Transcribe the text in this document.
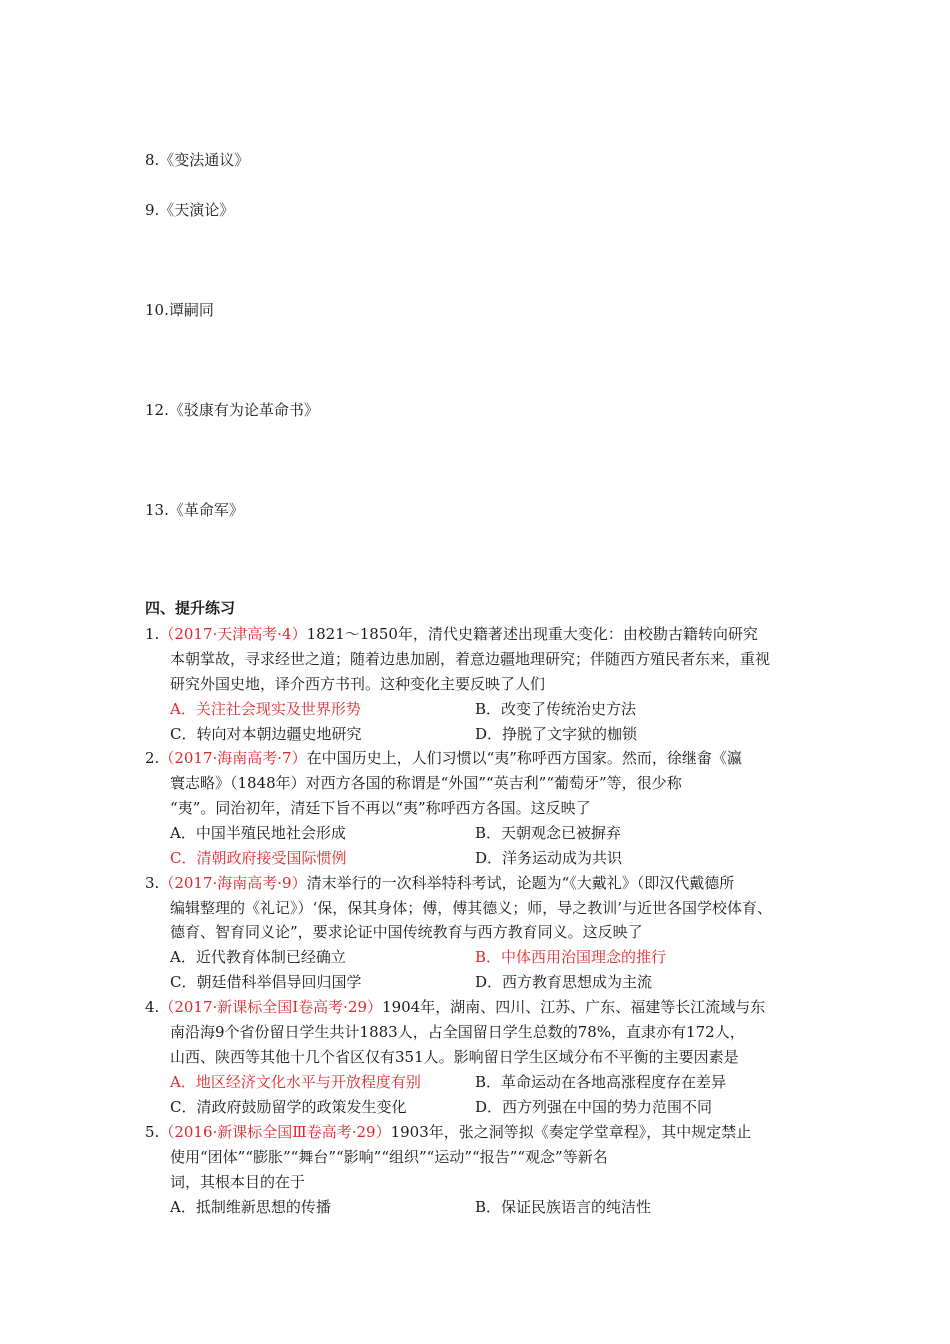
8.《变法通议》
9.《天演论》
10.谭嗣同
12.《驳康有为论革命书》
13.《革命军》
四、提升练习
1.（2017·天津高考·4）1821～1850年，清代史籍著述出现重大变化：由校勘古籍转向研究
本朝掌故，寻求经世之道；随着边患加剧，着意边疆地理研究；伴随西方殖民者东来，重视
研究外国史地，译介西方书刊。这种变化主要反映了人们
A．关注社会现实及世界形势	B．改变了传统治史方法
C．转向对本朝边疆史地研究	D．挣脱了文字狱的枷锁
2.（2017·海南高考·7）在中国历史上，人们习惯以“夷”称呼西方国家。然而，徐继畲《瀛
寰志略》（1848年）对西方各国的称谓是“外国”“英吉利”“葡萄牙”等，很少称
“夷”。同治初年，清廷下旨不再以“夷”称呼西方各国。这反映了
A．中国半殖民地社会形成	B．天朝观念已被摒弃
C．清朝政府接受国际惯例	D．洋务运动成为共识
3.（2017·海南高考·9）清末举行的一次科举特科考试，论题为“《大戴礼》（即汉代戴德所
编辑整理的《礼记》）‘保，保其身体；傅，傅其德义；师，导之教训’与近世各国学校体育、
德育、智育同义论”，要求论证中国传统教育与西方教育同义。这反映了
A．近代教育体制已经确立	B．中体西用治国理念的推行
C．朝廷借科举倡导回归国学	D．西方教育思想成为主流
4.（2017·新课标全国Ⅰ卷高考·29）1904年，湖南、四川、江苏、广东、福建等长江流域与东
南沿海9个省份留日学生共计1883人，占全国留日学生总数的78%，直隶亦有172人，
山西、陕西等其他十几个省区仅有351人。影响留日学生区域分布不平衡的主要因素是
A．地区经济文化水平与开放程度有别	B．革命运动在各地高涨程度存在差异
C．清政府鼓励留学的政策发生变化	D．西方列强在中国的势力范围不同
5.（2016·新课标全国Ⅲ卷高考·29）1903年，张之洞等拟《奏定学堂章程》，其中规定禁止
使用“团体”“膨胀”“舞台”“影响”“组织”“运动”“报告”“观念”等新名
词，其根本目的在于
A．抵制维新思想的传播	B．保证民族语言的纯洁性
